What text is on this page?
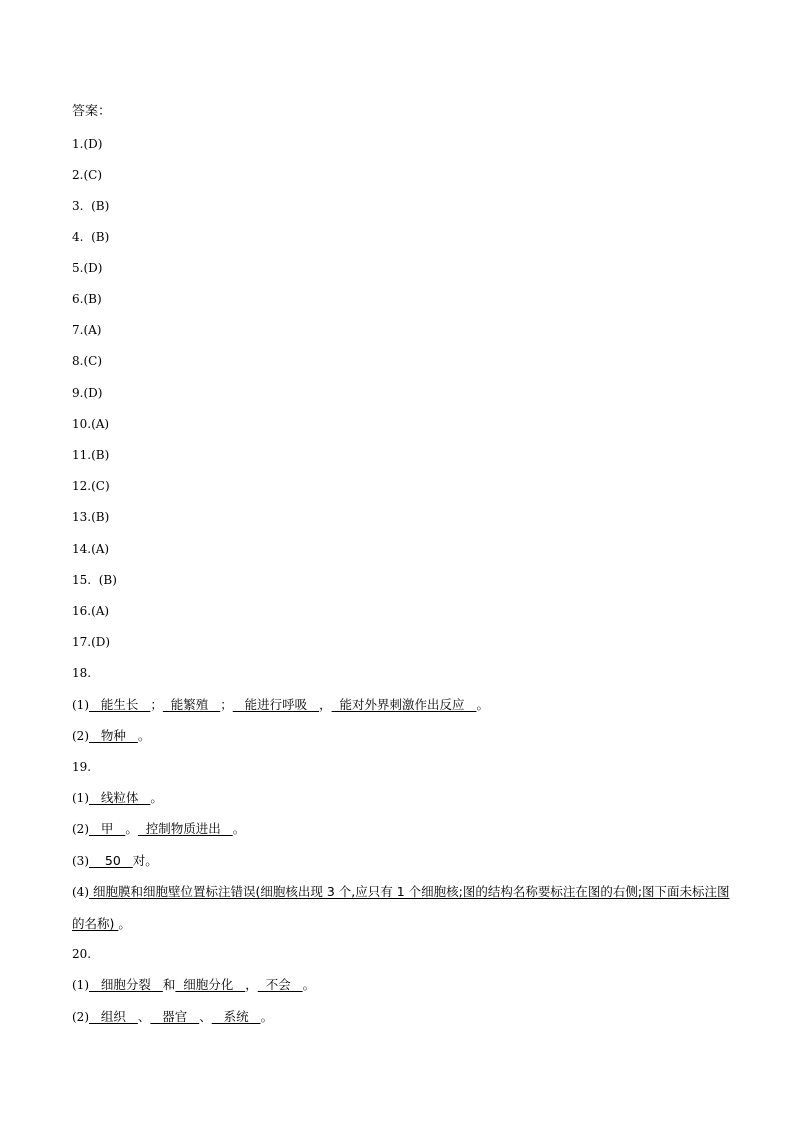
答案：
1.(D)
2.(C)
3.  (B)
4.  (B)
5.(D)
6.(B)
7.(A)
8.(C)
9.(D)
10.(A)
11.(B)
12.(C)
13.(B)
14.(A)
15.  (B)
16.(A)
17.(D)
18.
(1)   能生长   ；  能繁殖   ；   能进行呼吸   ，  能对外界刺激作出反应   。
(2)   物种   。
19.
(1)   线粒体   。
(2)   甲   。  控制物质进出   。
(3)    50   对。
(4) 细胞膜和细胞壁位置标注错误(细胞核出现 3 个,应只有 1 个细胞核;图的结构名称要标注在图的右侧;图下面未标注图的名称) 。
20.
(1)   细胞分裂   和  细胞分化   ，  不会   。
(2)   组织   、   器官   、   系统   。
